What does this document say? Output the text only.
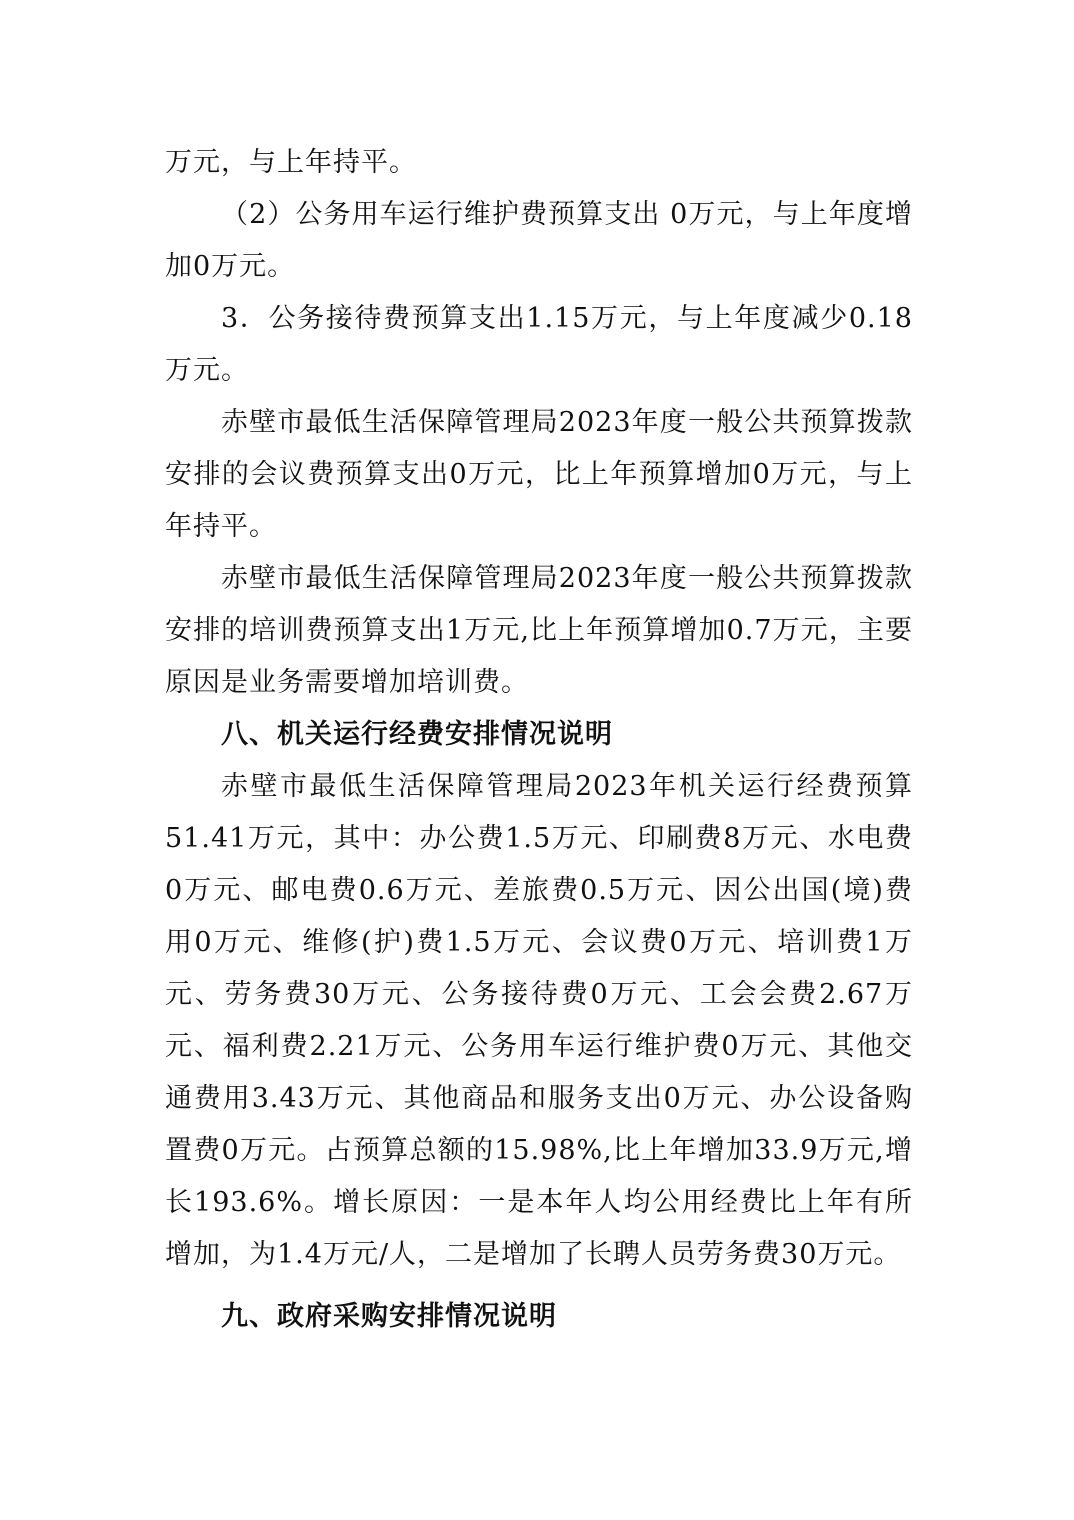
万元，与上年持平。

（2）公务用车运行维护费预算支出 0万元，与上年度增加0万元。

3．公务接待费预算支出1.15万元，与上年度减少0.18万元。

赤壁市最低生活保障管理局2023年度一般公共预算拨款安排的会议费预算支出0万元，比上年预算增加0万元，与上年持平。

赤壁市最低生活保障管理局2023年度一般公共预算拨款安排的培训费预算支出1万元,比上年预算增加0.7万元，主要原因是业务需要增加培训费。

八、机关运行经费安排情况说明

赤壁市最低生活保障管理局2023年机关运行经费预算51.41万元，其中：办公费1.5万元、印刷费8万元、水电费0万元、邮电费0.6万元、差旅费0.5万元、因公出国(境)费用0万元、维修(护)费1.5万元、会议费0万元、培训费1万元、劳务费30万元、公务接待费0万元、工会会费2.67万元、福利费2.21万元、公务用车运行维护费0万元、其他交通费用3.43万元、其他商品和服务支出0万元、办公设备购置费0万元。占预算总额的15.98%,比上年增加33.9万元,增长193.6%。增长原因：一是本年人均公用经费比上年有所增加，为1.4万元/人，二是增加了长聘人员劳务费30万元。

九、政府采购安排情况说明
